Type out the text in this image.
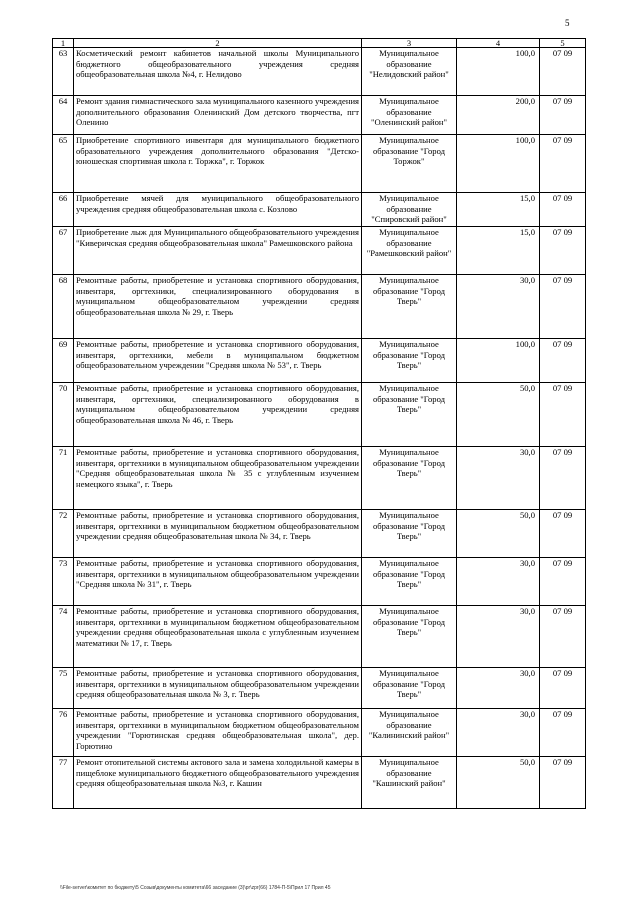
5
1	2	3	4	5
63	Косметический ремонт кабинетов начальной школы Муниципального бюджетного общеобразовательного учреждения средняя общеобразовательная школа №4, г. Нелидово	Муниципальное образование "Нелидовский район"	100,0	07 09
64	Ремонт здания гимнастического зала муниципального казенного учреждения дополнительного образования Оленинский Дом детского творчества, пгт Оленино	Муниципальное образование "Оленинский район"	200,0	07 09
65	Приобретение спортивного инвентаря для муниципального бюджетного образовательного учреждения дополнительного образования "Детско-юношеская спортивная школа г. Торжка", г. Торжок	Муниципальное образование "Город Торжок"	100,0	07 09
66	Приобретение мячей для муниципального общеобразовательного учреждения средняя общеобразовательная школа с. Козлово	Муниципальное образование "Спировский район"	15,0	07 09
67	Приобретение лыж для Муниципального общеобразовательного учреждения "Киверичская средняя общеобразовательная школа" Рамешковского района	Муниципальное образование "Рамешковский район"	15,0	07 09
68	Ремонтные работы, приобретение и установка спортивного оборудования, инвентаря, оргтехники, специализированного оборудования в муниципальном общеобразовательном учреждении средняя общеобразовательная школа № 29, г. Тверь	Муниципальное образование "Город Тверь"	30,0	07 09
69	Ремонтные работы, приобретение и установка спортивного оборудования, инвентаря, оргтехники, мебели в муниципальном бюджетном общеобразовательном учреждении "Средняя школа № 53", г. Тверь	Муниципальное образование "Город Тверь"	100,0	07 09
70	Ремонтные работы, приобретение и установка спортивного оборудования, инвентаря, оргтехники, специализированного оборудования в муниципальном общеобразовательном учреждении средняя общеобразовательная школа № 46, г. Тверь	Муниципальное образование "Город Тверь"	50,0	07 09
71	Ремонтные работы, приобретение и установка спортивного оборудования, инвентаря, оргтехники в муниципальном общеобразовательном учреждении "Средняя общеобразовательная школа № 35 с углубленным изучением немецкого языка", г. Тверь	Муниципальное образование "Город Тверь"	30,0	07 09
72	Ремонтные работы, приобретение и установка спортивного оборудования, инвентаря, оргтехники в муниципальном бюджетном общеобразовательном учреждении средняя общеобразовательная школа № 34, г. Тверь	Муниципальное образование "Город Тверь"	50,0	07 09
73	Ремонтные работы, приобретение и установка спортивного оборудования, инвентаря, оргтехники в муниципальном общеобразовательном учреждении "Средняя школа № 31", г. Тверь	Муниципальное образование "Город Тверь"	30,0	07 09
74	Ремонтные работы, приобретение и установка спортивного оборудования, инвентаря, оргтехники в муниципальном бюджетном общеобразовательном учреждении средняя общеобразовательная школа с углубленным изучением математики № 17, г. Тверь	Муниципальное образование "Город Тверь"	30,0	07 09
75	Ремонтные работы, приобретение и установка спортивного оборудования, инвентаря, оргтехники в муниципальном общеобразовательном учреждении средняя общеобразовательная школа № 3, г. Тверь	Муниципальное образование "Город Тверь"	30,0	07 09
76	Ремонтные работы, приобретение и установка спортивного оборудования, инвентаря, оргтехники в муниципальном бюджетном общеобразовательном учреждении "Горютинская средняя общеобразовательная школа", дер. Горютино	Муниципальное образование "Калининский район"	30,0	07 09
77	Ремонт отопительной системы актового зала и замена холодильной камеры в пищеблоке муниципального бюджетного общеобразовательного учреждения средняя общеобразовательная школа №3, г. Кашин	Муниципальное образование "Кашинский район"	50,0	07 09
\\File-server\комитет по бюджету\5 Созыв\документы комитета\66 заседание (3)\pr\zpr(66) 1784-П-5\Прил 17 Прил 45
